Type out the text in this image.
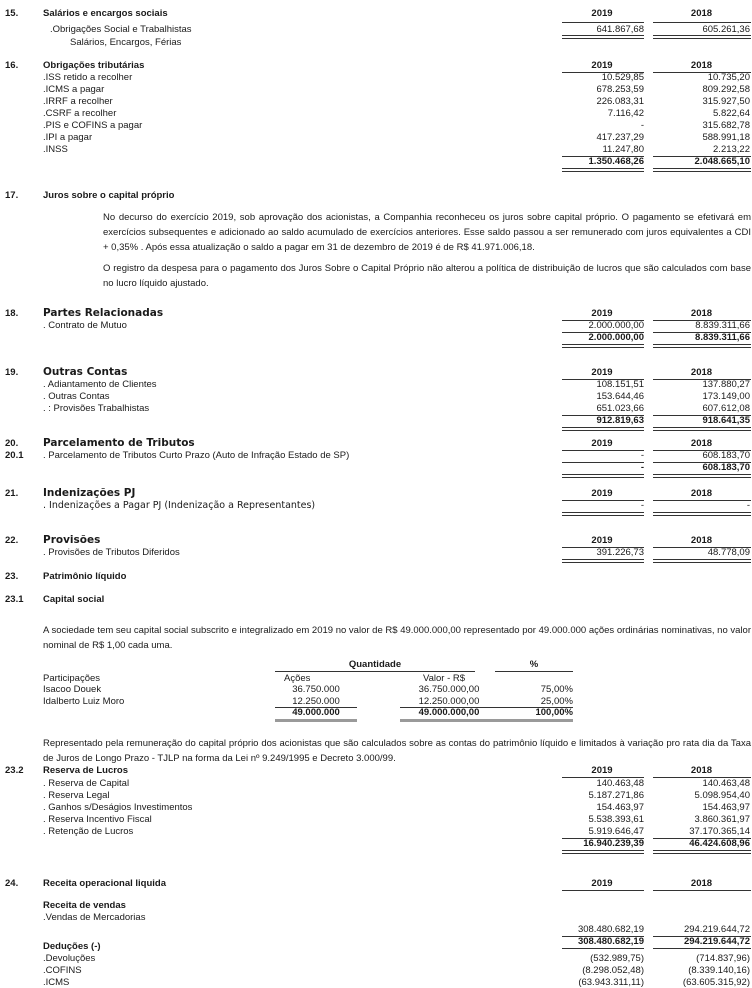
15.	Salários e encargos sociais	2019	2018
.Obrigações Social e Trabalhistas	641.867,68	605.261,36
Salários, Encargos, Férias
16.	Obrigações tributárias	2019	2018
.ISS retido a recolher	10.529,85	10.735,20
.ICMS a pagar	678.253,59	809.292,58
.IRRF a recolher	226.083,31	315.927,50
.CSRF a recolher	7.116,42	5.822,64
.PIS e COFINS a pagar	-	315.682,78
.IPI a pagar	417.237,29	588.991,18
.INSS	11.247,80	2.213,22
1.350.468,26	2.048.665,10
17.	Juros sobre o capital próprio

No decurso do exercício 2019, sob aprovação dos acionistas, a Companhia reconheceu os juros sobre capital próprio. O pagamento se efetivará em exercícios subsequentes e adicionado ao saldo acumulado de exercícios anteriores. Esse saldo passou a ser remunerado com juros equivalentes a CDI + 0,35% . Após essa atualização o saldo a pagar em 31 de dezembro de 2019 é de R$ 41.971.006,18.

O registro da despesa para o pagamento dos Juros Sobre o Capital Próprio não alterou a política de distribuição de lucros que são calculados com base no lucro líquido ajustado.

18. Partes Relacionadas	2019	2018
. Contrato de Mutuo	2.000.000,00	8.839.311,66
2.000.000,00	8.839.311,66
19. Outras Contas	2019	2018
. Adiantamento de Clientes	108.151,51	137.880,27
. Outras Contas	153.644,46	173.149,00
. : Provisões Trabalhistas	651.023,66	607.612,08
912.819,63	918.641,35
20. Parcelamento de Tributos	2019	2018
20.1 . Parcelamento de Tributos Curto Prazo (Auto de Infração Estado de SP)	-	608.183,70
-	608.183,70
21. Indenizações PJ	2019	2018
. Indenizações a Pagar PJ (Indenização a Representantes)	-	-
22. Provisões	2019	2018
. Provisões de Tributos Diferidos	391.226,73	48.778,09
23.	Patrimônio líquido
23.1 Capital social

A sociedade tem seu capital social subscrito e integralizado em 2019 no valor de R$ 49.000.000,00 representado por 49.000.000 ações ordinárias nominativas, no valor nominal de R$ 1,00 cada uma.

Quantidade	%
Participações	Ações	Valor - R$
Isacoo Douek	36.750.000	36.750.000,00	75,00%
Idalberto Luiz Moro	12.250.000	12.250.000,00	25,00%
49.000.000	49.000.000,00	100,00%

Representado pela remuneração do capital próprio dos acionistas que são calculados sobre as contas do patrimônio líquido e limitados à variação pro rata dia da Taxa de Juros de Longo Prazo - TJLP na forma da Lei nº 9.249/1995 e Decreto 3.000/99.

23.2 Reserva de Lucros	2019	2018
. Reserva de Capital	140.463,48	140.463,48
. Reserva Legal	5.187.271,86	5.098.954,40
. Ganhos s/Deságios Investimentos	154.463,97	154.463,97
. Reserva Incentivo Fiscal	5.538.393,61	3.860.361,97
. Retenção de Lucros	5.919.646,47	37.170.365,14
16.940.239,39	46.424.608,96
24.	Receita operacional liquida	2019	2018
Receita de vendas
.Vendas de Mercadorias
308.480.682,19	294.219.644,72
308.480.682,19	294.219.644,72
Deduções (-)
.Devoluções	(532.989,75)	(714.837,96)
.COFINS	(8.298.052,48)	(8.339.140,16)
.ICMS	(63.943.311,11)	(63.605.315,92)
